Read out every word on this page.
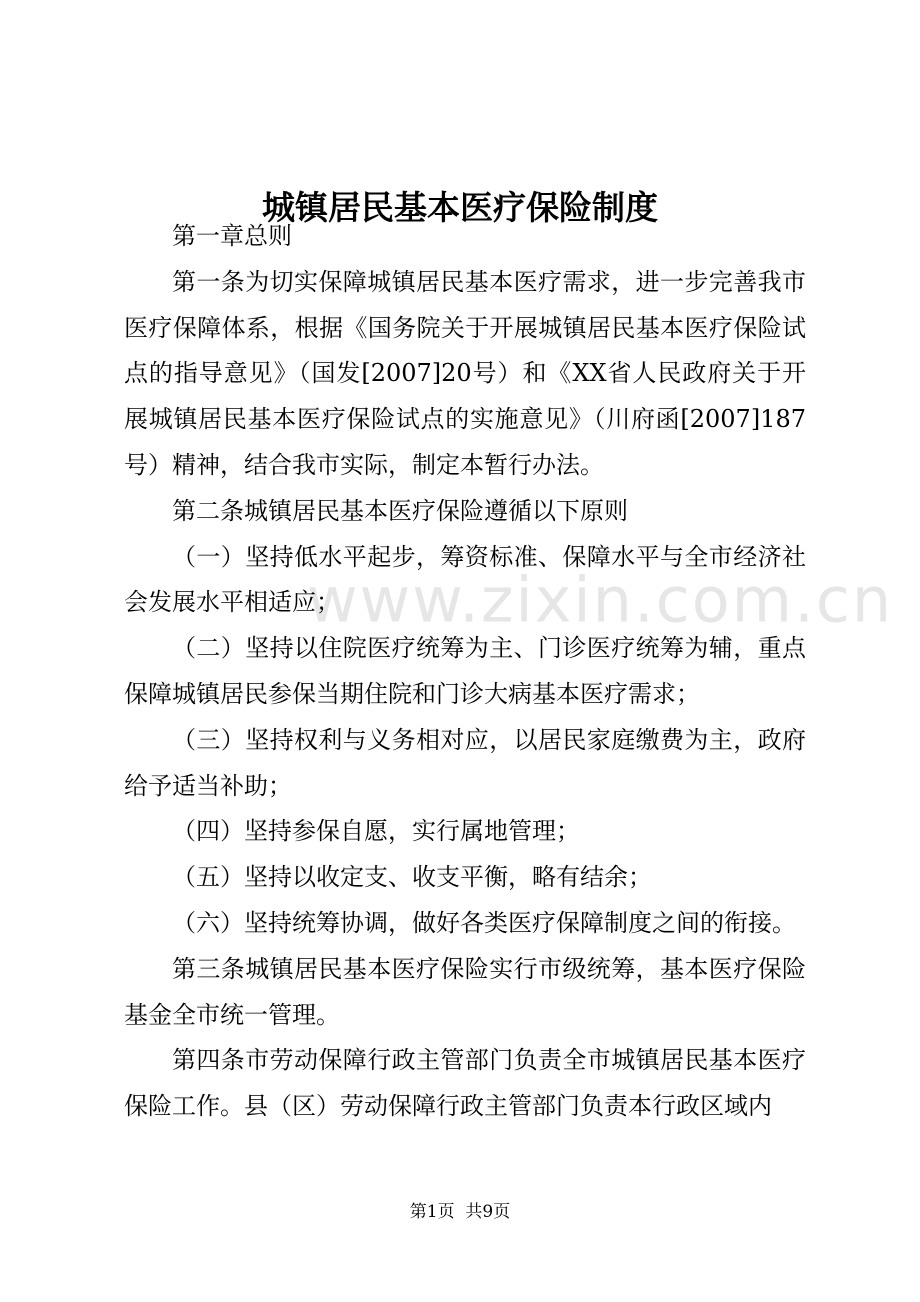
www.zixin.com.cn
城镇居民基本医疗保险制度

第一章总则

第一条为切实保障城镇居民基本医疗需求，进一步完善我市医疗保障体系，根据《国务院关于开展城镇居民基本医疗保险试点的指导意见》（国发[2007]20号）和《XX省人民政府关于开展城镇居民基本医疗保险试点的实施意见》（川府函[2007]187号）精神，结合我市实际，制定本暂行办法。

第二条城镇居民基本医疗保险遵循以下原则

（一）坚持低水平起步，筹资标准、保障水平与全市经济社会发展水平相适应；

（二）坚持以住院医疗统筹为主、门诊医疗统筹为辅，重点保障城镇居民参保当期住院和门诊大病基本医疗需求；

（三）坚持权利与义务相对应，以居民家庭缴费为主，政府给予适当补助；

（四）坚持参保自愿，实行属地管理；

（五）坚持以收定支、收支平衡，略有结余；

（六）坚持统筹协调，做好各类医疗保障制度之间的衔接。

第三条城镇居民基本医疗保险实行市级统筹，基本医疗保险基金全市统一管理。

第四条市劳动保障行政主管部门负责全市城镇居民基本医疗保险工作。县（区）劳动保障行政主管部门负责本行政区域内

第1页 共9页
